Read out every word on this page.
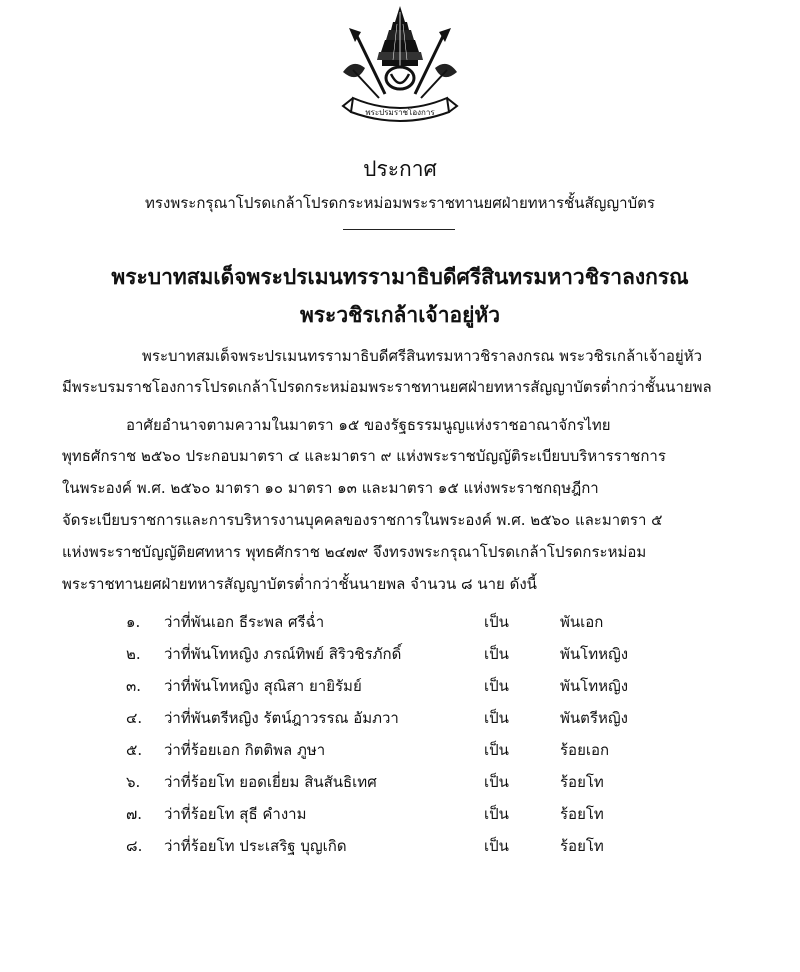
พระปรมราชโองการ
ประกาศ
ทรงพระกรุณาโปรดเกล้าโปรดกระหม่อมพระราชทานยศฝ่ายทหารชั้นสัญญาบัตร
พระบาทสมเด็จพระปรเมนทรรามาธิบดีศรีสินทรมหาวชิราลงกรณ
พระวชิรเกล้าเจ้าอยู่หัว
พระบาทสมเด็จพระปรเมนทรรามาธิบดีศรีสินทรมหาวชิราลงกรณ พระวชิรเกล้าเจ้าอยู่หัว
มีพระบรมราชโองการโปรดเกล้าโปรดกระหม่อมพระราชทานยศฝ่ายทหารสัญญาบัตรต่ำกว่าชั้นนายพล
อาศัยอำนาจตามความในมาตรา ๑๕ ของรัฐธรรมนูญแห่งราชอาณาจักรไทย
พุทธศักราช ๒๕๖๐ ประกอบมาตรา ๔ และมาตรา ๙ แห่งพระราชบัญญัติระเบียบบริหารราชการ
ในพระองค์ พ.ศ. ๒๕๖๐ มาตรา ๑๐ มาตรา ๑๓ และมาตรา ๑๕ แห่งพระราชกฤษฎีกา
จัดระเบียบราชการและการบริหารงานบุคคลของราชการในพระองค์ พ.ศ. ๒๕๖๐ และมาตรา ๕
แห่งพระราชบัญญัติยศทหาร พุทธศักราช ๒๔๗๙ จึงทรงพระกรุณาโปรดเกล้าโปรดกระหม่อม
พระราชทานยศฝ่ายทหารสัญญาบัตรต่ำกว่าชั้นนายพล จำนวน ๘ นาย ดังนี้
๑. ว่าที่พันเอก ธีระพล ศรีฉ่ำ	เป็น	พันเอก
๒. ว่าที่พันโทหญิง ภรณ์ทิพย์ สิริวชิรภักดิ์	เป็น	พันโทหญิง
๓. ว่าที่พันโทหญิง สุณิสา ยายิรัมย์	เป็น	พันโทหญิง
๔. ว่าที่พันตรีหญิง รัตน์ฎาวรรณ อัมภวา	เป็น	พันตรีหญิง
๕. ว่าที่ร้อยเอก กิตติพล ภูษา	เป็น	ร้อยเอก
๖. ว่าที่ร้อยโท ยอดเยี่ยม สินสันธิเทศ	เป็น	ร้อยโท
๗. ว่าที่ร้อยโท สุธี คำงาม	เป็น	ร้อยโท
๘. ว่าที่ร้อยโท ประเสริฐ บุญเกิด	เป็น	ร้อยโท
